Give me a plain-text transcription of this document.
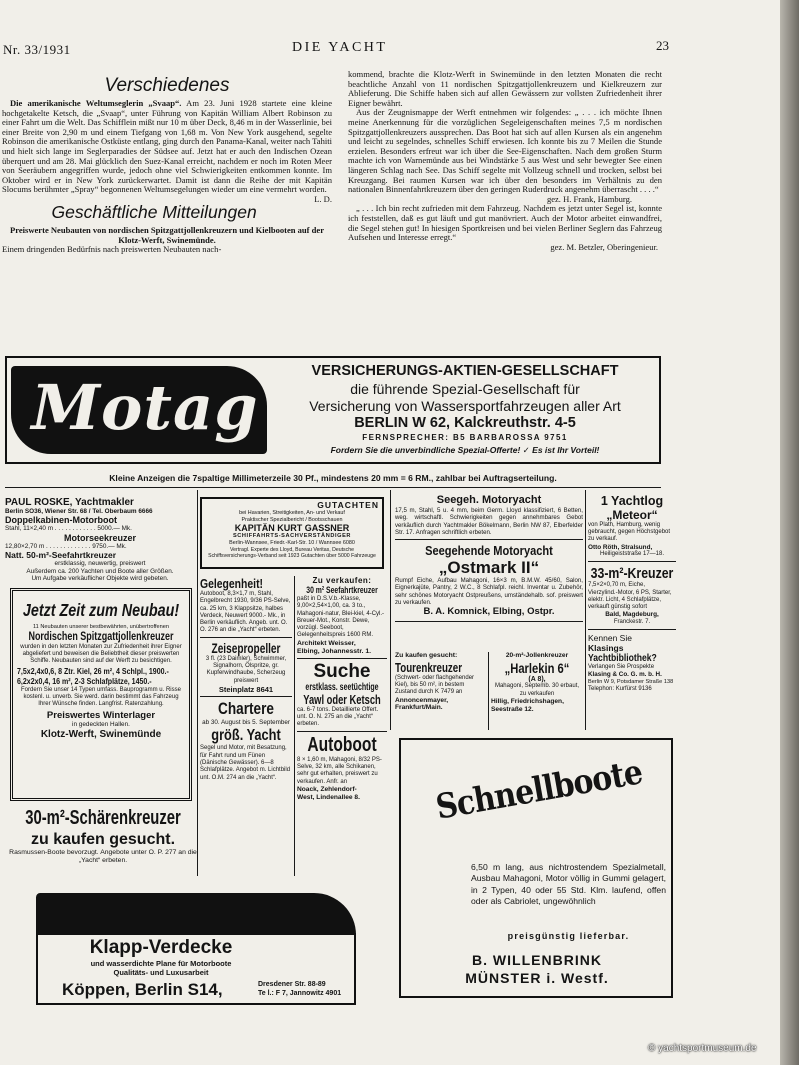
Nr. 33/1931	DIE YACHT	23
Verschiedenes

Die amerikanische Weltumseglerin „Svaap“. Am 23. Juni 1928 startete eine kleine hochgetakelte Ketsch, die „Svaap“, unter Führung von Kapitän William Albert Robinson zu einer Fahrt um die Welt. Das Schifflein mißt nur 10 m über Deck, 8,46 m in der Wasserlinie, bei einer Breite von 2,90 m und einem Tiefgang von 1,68 m. Von New York ausgehend, segelte Robinson die amerikanische Ostküste entlang, ging durch den Panama-Kanal, weiter nach Tahiti und hielt sich lange im Seglerparadies der Südsee auf. Jetzt hat er auch den Indischen Ozean überquert und am 28. Mai glücklich den Suez-Kanal erreicht, nachdem er noch im Roten Meer von Seeräubern angegriffen wurde, jedoch ohne viel Schwierigkeiten entkommen konnte. Im Oktober wird er in New York zurückerwartet. Damit ist dann die Reihe der mit Kapitän Slocums berühmter „Spray“ begonnenen Weltumsegelungen wieder um eine vermehrt worden.
L. D.

Geschäftliche Mitteilungen

Preiswerte Neubauten von nordischen Spitzgattjollenkreuzern und Kielbooten auf der Klotz-Werft, Swinemünde.

Einem dringenden Bedürfnis nach preiswerten Neubauten nach-

kommend, brachte die Klotz-Werft in Swinemünde in den letzten Monaten die recht beachtliche Anzahl von 11 nordischen Spitzgattjollenkreuzern und Kielkreuzern zur Ablieferung. Die Schiffe haben sich auf allen Gewässern zur vollsten Zufriedenheit ihrer Eigner bewährt.

Aus der Zeugnismappe der Werft entnehmen wir folgendes: „ . . . ich möchte Ihnen meine Anerkennung für die vorzüglichen Segeleigenschaften meines 7,5 m nordischen Spitzgattjollenkreuzers aussprechen. Das Boot hat sich auf allen Kursen als ein angenehm und leicht zu segelndes, schnelles Schiff erwiesen. Ich konnte bis zu 7 Meilen die Stunde erzielen. Besonders erfreut war ich über die See-Eigenschaften. Nach dem großen Sturm machte ich von Warnemünde aus bei Windstärke 5 aus West und sehr bewegter See einen längeren Schlag nach See. Das Schiff segelte mit Vollzeug schnell und trocken, selbst bei Kreuzgang. Bei raumen Kursen war ich über den besonders im Verhältnis zu den nationalen Binnenfahrtkreuzern über den geringen Ruderdruck angenehm überrascht . . . .“

gez. H. Frank, Hamburg.

„ . . . Ich bin recht zufrieden mit dem Fahrzeug. Nachdem es jetzt unter Segel ist, konnte ich feststellen, daß es gut läuft und gut manövriert. Auch der Motor arbeitet einwandfrei, die Segel stehen gut! In hiesigen Sportkreisen und bei vielen Berliner Seglern das Fahrzeug Aufsehen und Interesse erregt.“

gez. M. Betzler, Oberingenieur.
Motag	VERSICHERUNGS-AKTIEN-GESELLSCHAFT
die führende Spezial-Gesellschaft für
Versicherung von Wassersportfahrzeugen aller Art
BERLIN W 62, Kalckreuthstr. 4-5
FERNSPRECHER: B5 BARBAROSSA 9751
Fordern Sie die unverbindliche Spezial-Offerte! ✓ Es ist Ihr Vorteil!
Kleine Anzeigen die 7spaltige Millimeterzeile 30 Pf., mindestens 20 mm = 6 RM., zahlbar bei Auftragserteilung.
PAUL ROSKE, Yachtmakler
Berlin SO36, Wiener Str. 68 / Tel. Oberbaum 6666
Doppelkabinen-Motorboot
Stahl, 11×2,40 m . . . . . . . . . . . . 5000.— Mk.
Motorseekreuzer
12,80×2,70 m . . . . . . . . . . . . . 9750.— Mk.
Natt. 50-m²-Seefahrtkreuzer
erstklassig, neuwertig, preiswert
Außerdem ca. 200 Yachten und Boote aller Größen.
Um Aufgabe verkäuflicher Objekte wird gebeten.
Jetzt Zeit zum Neubau!
11 Neubauten unserer bestbewährten, unübertroffenen
Nordischen Spitzgattjollenkreuzer
wurden in den letzten Monaten zur Zufriedenheit ihrer Eigner abgeliefert und beweisen die Beliebtheit dieser preiswerten Schiffe. Neubauten sind auf der Werft zu besichtigen.
7,5x2,4x0,6, 8 Ztr. Kiel, 26 m², 4 Schlpl., 1900.-
6,2x2x0,4, 16 m², 2-3 Schlafplätze, 1450.-
Fordern Sie unser 14 Typen umfass. Bauprogramm u. Risse kostenl. u. unverb. Sie werd. darin bestimmt das Fahrzeug Ihrer Wünsche finden. Langfrist. Ratenzahlung.
Preiswertes Winterlager
in gedeckten Hallen.
Klotz-Werft, Swinemünde
30-m²-Schärenkreuzer
zu kaufen gesucht.
Rasmussen-Boote bevorzugt. Angebote unter O. P. 277 an die „Yacht“ erbeten.
GUTACHTEN
bei Havarien, Streitigkeiten, An- und Verkauf
Praktischer Spezialbericht / Bootsschauen
KAPITÄN KURT GASSNER
SCHIFFAHRTS-SACHVERSTÄNDIGER
Berlin-Wannsee, Friedr.-Karl-Str. 10 / Wannsee 6080
Vertragl. Experte des Lloyd, Bureau Veritas, Deutsche Schiffsversicherungs-Verband seit 1923 Gutachten über 5000 Fahrzeuge
Gelegenheit!
Autoboot, 8,3×1,7 m, Stahl, Engelbrecht 1930, 9/36 PS-Selve, ca. 25 km, 3 Klappsitze, halbes Verdeck, Neuwert 9000.- Mk., in Berlin verkäuflich. Angeb. unt. O. O. 276 an die „Yacht“ erbeten.
Zeisepropeller
3 fl. (23 Daimler), Schwimmer, Signalhorn, Ölspritze, gr. Kupferwindhaube, Scherzeug preiswert
Steinplatz 8641
Chartere
ab 30. August bis 5. September
größ. Yacht
Segel und Motor, mit Besatzung, für Fahrt rund um Fünen (Dänische Gewässer). 6—8 Schlafplätze. Angebot m. Lichtbild unt. O.M. 274 an die „Yacht“.
Zu verkaufen:
30 m² Seefahrtkreuzer
paßt in D.S.V.b.-Klasse, 9,00×2,54×1,00, ca. 3 to., Mahagoni-natur, Blei-kiel, 4-Cyl.-Breuer-Mot., Konstr. Dewe, vorzügl. Seeboot, Gelegenheitspreis 1600 RM.
Architekt Weisser,
Elbing, Johannesstr. 1.
Suche
erstklass. seetüchtige
Yawl oder Ketsch
ca. 6-7 tons. Detaillierte Offert. unt. O. N. 275 an die „Yacht“ erbeten.
Autoboot
8 × 1,60 m, Mahagoni, 8/32 PS-Selve, 32 km, alle Schikanen, sehr gut erhalten, preiswert zu verkaufen. Anfr. an
Noack, Zehlendorf-
West, Lindenallee 8.
Seegeh. Motoryacht
17,5 m, Stahl, 5 u. 4 mm, beim Germ. Lloyd klassifiziert, 6 Betten, weg. wirtschaftl. Schwierigkeiten gegen annehmbares Gebot verkäuflich durch Yachtmakler Bökelmann, Berlin NW 87, Elberfelder Str. 17. Anfragen schriftlich erbeten.
Seegehende Motoryacht
„Ostmark II“
Rumpf Eiche, Aufbau Mahagoni, 16×3 m, B.M.W. 45/60, Salon, Eignerkajüte, Pantry, 2 W.C., 8 Schlafpl. reichl. Inventar u. Zubehör, sehr schönes Motoryacht Ostpreußens, umständehalb. sof. preiswert zu verkaufen.
B. A. Komnick, Elbing, Ostpr.
Zu kaufen gesucht:
Tourenkreuzer
(Schwert- oder flachgehender Kiel), bis 50 m², in bestem Zustand durch K 7479 an
Annoncenmayer, Frankfurt/Main.
20-m²-Jollenkreuzer
„Harlekin 6“
(A 8),
Mahagoni, Septemb. 30 erbaut, zu verkaufen
Hillig, Friedrichshagen, Seestraße 12.
1 Yachtlog
„Meteor“
von Plath, Hamburg, wenig gebraucht, gegen Höchstgebot zu verkauf.
Otto Röth, Stralsund,
Heiligeiststraße 17—18.
33-m²-Kreuzer
7,5×2×0,70 m, Eiche, Vierzylind.-Motor, 6 PS, Starter, elektr. Licht, 4 Schlafplätze, verkauft günstig sofort
Bald, Magdeburg,
Franckestr. 7.
Kennen Sie
Klasings
Yachtbibliothek?
Verlangen Sie Prospekte
Klasing & Co. G. m. b. H.
Berlin W 9, Potsdamer Straße 138
Telephon: Kurfürst 9136
Klapp-Verdecke
und wasserdichte Plane für Motorboote
Qualitäts- und Luxusarbeit
Köppen, Berlin S14,	Dresdener Str. 88-89
Te l.: F 7, Jannowitz 4901
Schnellboote
6,50 m lang, aus nichtrostendem Spezialmetall, Ausbau Mahagoni, Motor völlig in Gummi gelagert, in 2 Typen, 40 oder 55 Std. Klm. laufend, offen oder als Cabriolet, ungewöhnlich
preisgünstig lieferbar.
B. WILLENBRINK
MÜNSTER i. Westf.
© yachtsportmuseum.de
